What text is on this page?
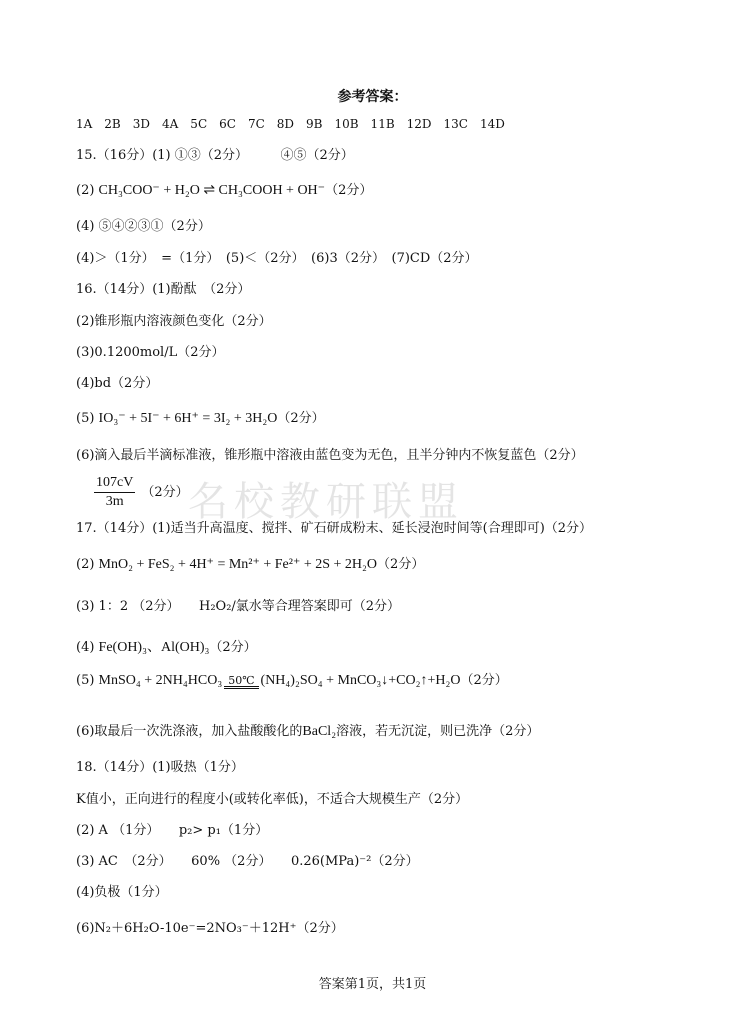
名校教研联盟
参考答案：
1A　2B　3D　4A　5C　6C　7C　8D　9B　10B　11B　12D　13C　14D
15.（16分）(1) ①③（2分）　　　④⑤（2分）
(2) CH₃COO⁻ + H₂O ⇌ CH₃COOH + OH⁻（2分）
(4) ⑤④②③①（2分）
(4)＞（1分）　=（1分）　(5)＜（2分）　(6)3（2分）　(7)CD（2分）
16.（14分）(1)酚酞　（2分）
(2)锥形瓶内溶液颜色变化（2分）
(3)0.1200mol/L（2分）
(4)bd（2分）
(5) IO₃⁻ + 5I⁻ + 6H⁺ = 3I₂ + 3H₂O（2分）
(6)滴入最后半滴标准液，锥形瓶中溶液由蓝色变为无色，且半分钟内不恢复蓝色（2分）
$\frac{107cV}{3m} (2$分）
17.（14分）(1)适当升高温度、搅拌、矿石研成粉末、延长浸泡时间等(合理即可)（2分）
(2) MnO₂ + FeS₂ + 4H⁺ = Mn²⁺ + Fe²⁺ + 2S + 2H₂O（2分）
(3) 1：2 （2分）　　H₂O₂/氯水等合理答案即可（2分）
(4) Fe(OH)₃、Al(OH)₃（2分）
(5) MnSO₄ + 2NH₄HCO₃ 50℃ (NH₄)₂SO₄ + MnCO₃↓+CO₂↑+H₂O（2分）
(6)取最后一次洗涤液，加入盐酸酸化的BaCl₂溶液，若无沉淀，则已洗净（2分）
18.（14分）(1)吸热（1分）
K值小，正向进行的程度小(或转化率低)，不适合大规模生产（2分）
(2) A （1分）　　p₂> p₁（1分）
(3) AC　（2分）　　60% （2分）　　0.26(MPa)⁻²（2分）
(4)负极（1分）
(6)N₂＋6H₂O-10e⁻=2NO₃⁻＋12H⁺（2分）
答案第1页，共1页
